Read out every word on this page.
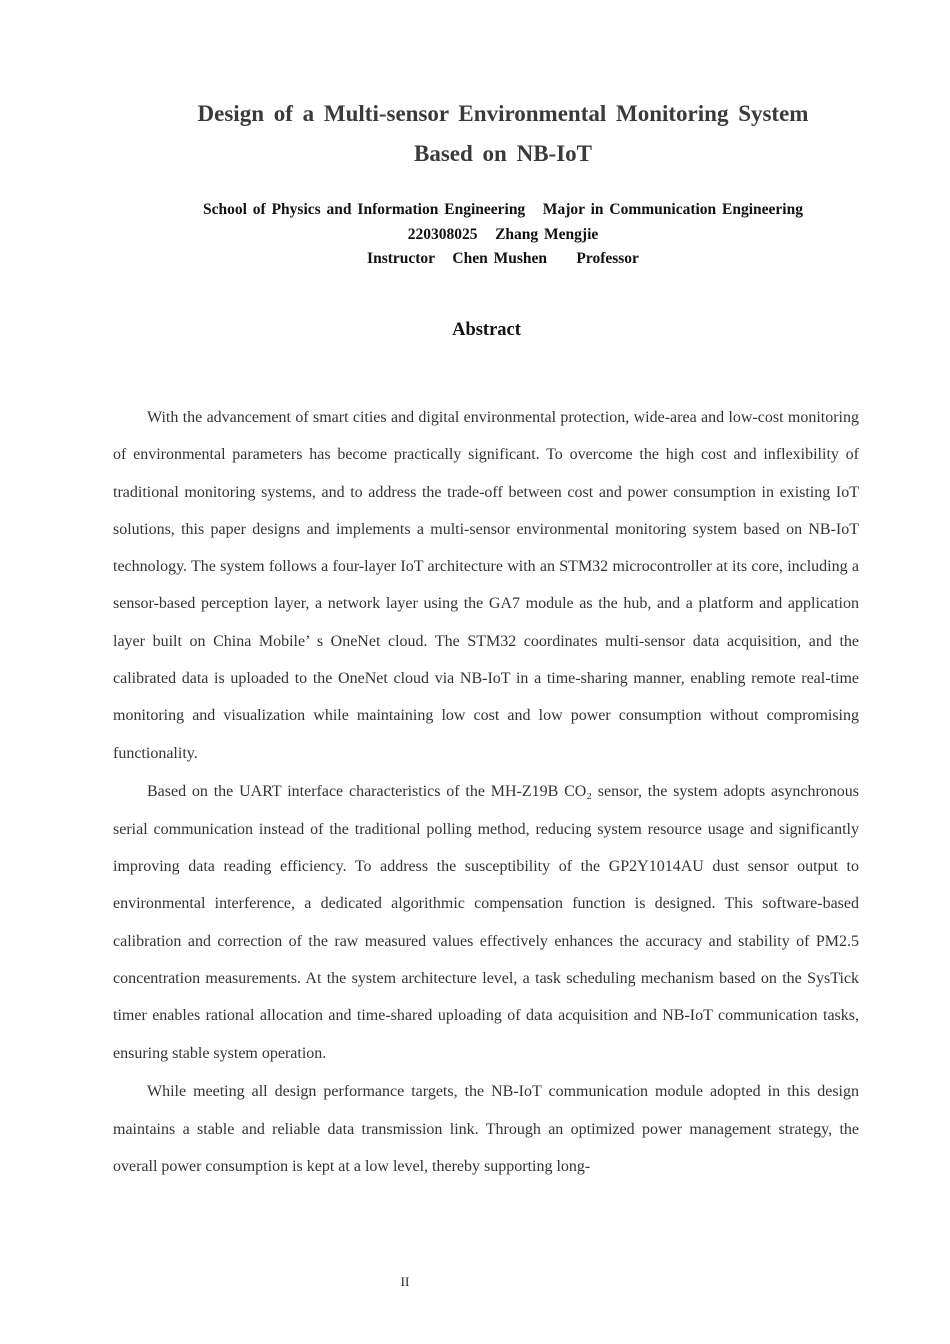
Design of a Multi-sensor Environmental Monitoring System
Based on NB-IoT
School of Physics and Information Engineering   Major in Communication Engineering
220308025   Zhang Mengjie
Instructor   Chen Mushen     Professor
Abstract

With the advancement of smart cities and digital environmental protection, wide-area and low-cost monitoring of environmental parameters has become practically significant. To overcome the high cost and inflexibility of traditional monitoring systems, and to address the trade-off between cost and power consumption in existing IoT solutions, this paper designs and implements a multi-sensor environmental monitoring system based on NB-IoT technology. The system follows a four-layer IoT architecture with an STM32 microcontroller at its core, including a sensor-based perception layer, a network layer using the GA7 module as the hub, and a platform and application layer built on China Mobile’ s OneNet cloud. The STM32 coordinates multi-sensor data acquisition, and the calibrated data is uploaded to the OneNet cloud via NB-IoT in a time-sharing manner, enabling remote real-time monitoring and visualization while maintaining low cost and low power consumption without compromising functionality.

Based on the UART interface characteristics of the MH-Z19B CO₂ sensor, the system adopts asynchronous serial communication instead of the traditional polling method, reducing system resource usage and significantly improving data reading efficiency. To address the susceptibility of the GP2Y1014AU dust sensor output to environmental interference, a dedicated algorithmic compensation function is designed. This software-based calibration and correction of the raw measured values effectively enhances the accuracy and stability of PM2.5 concentration measurements. At the system architecture level, a task scheduling mechanism based on the SysTick timer enables rational allocation and time-shared uploading of data acquisition and NB-IoT communication tasks, ensuring stable system operation.

While meeting all design performance targets, the NB-IoT communication module adopted in this design maintains a stable and reliable data transmission link. Through an optimized power management strategy, the overall power consumption is kept at a low level, thereby supporting long-

II
